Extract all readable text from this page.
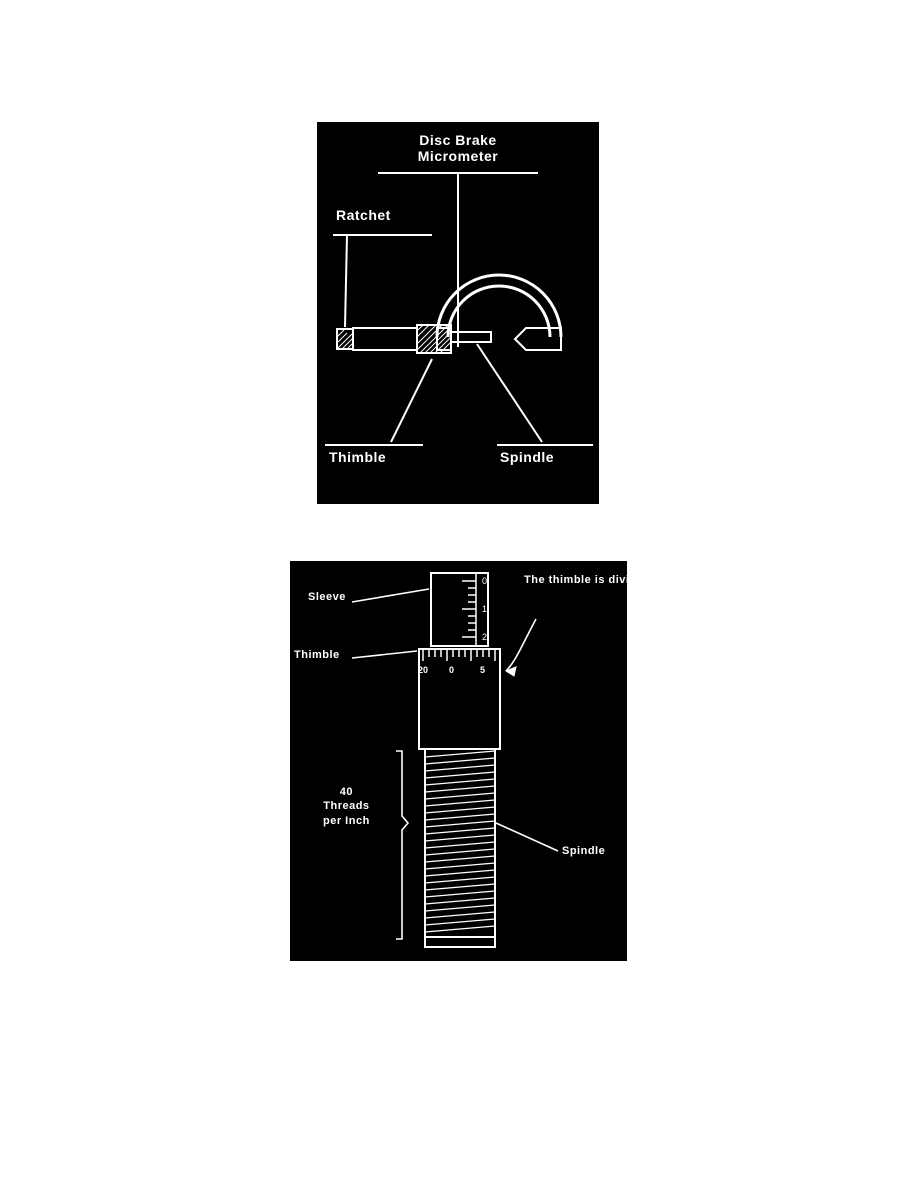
Disc Brake
Micrometer
Ratchet
Thimble	Spindle
0
1
2
20 0	5
Sleeve
Thimble
The thimble is divided into 25 separate divisions.
40
Threads
per Inch
Spindle
